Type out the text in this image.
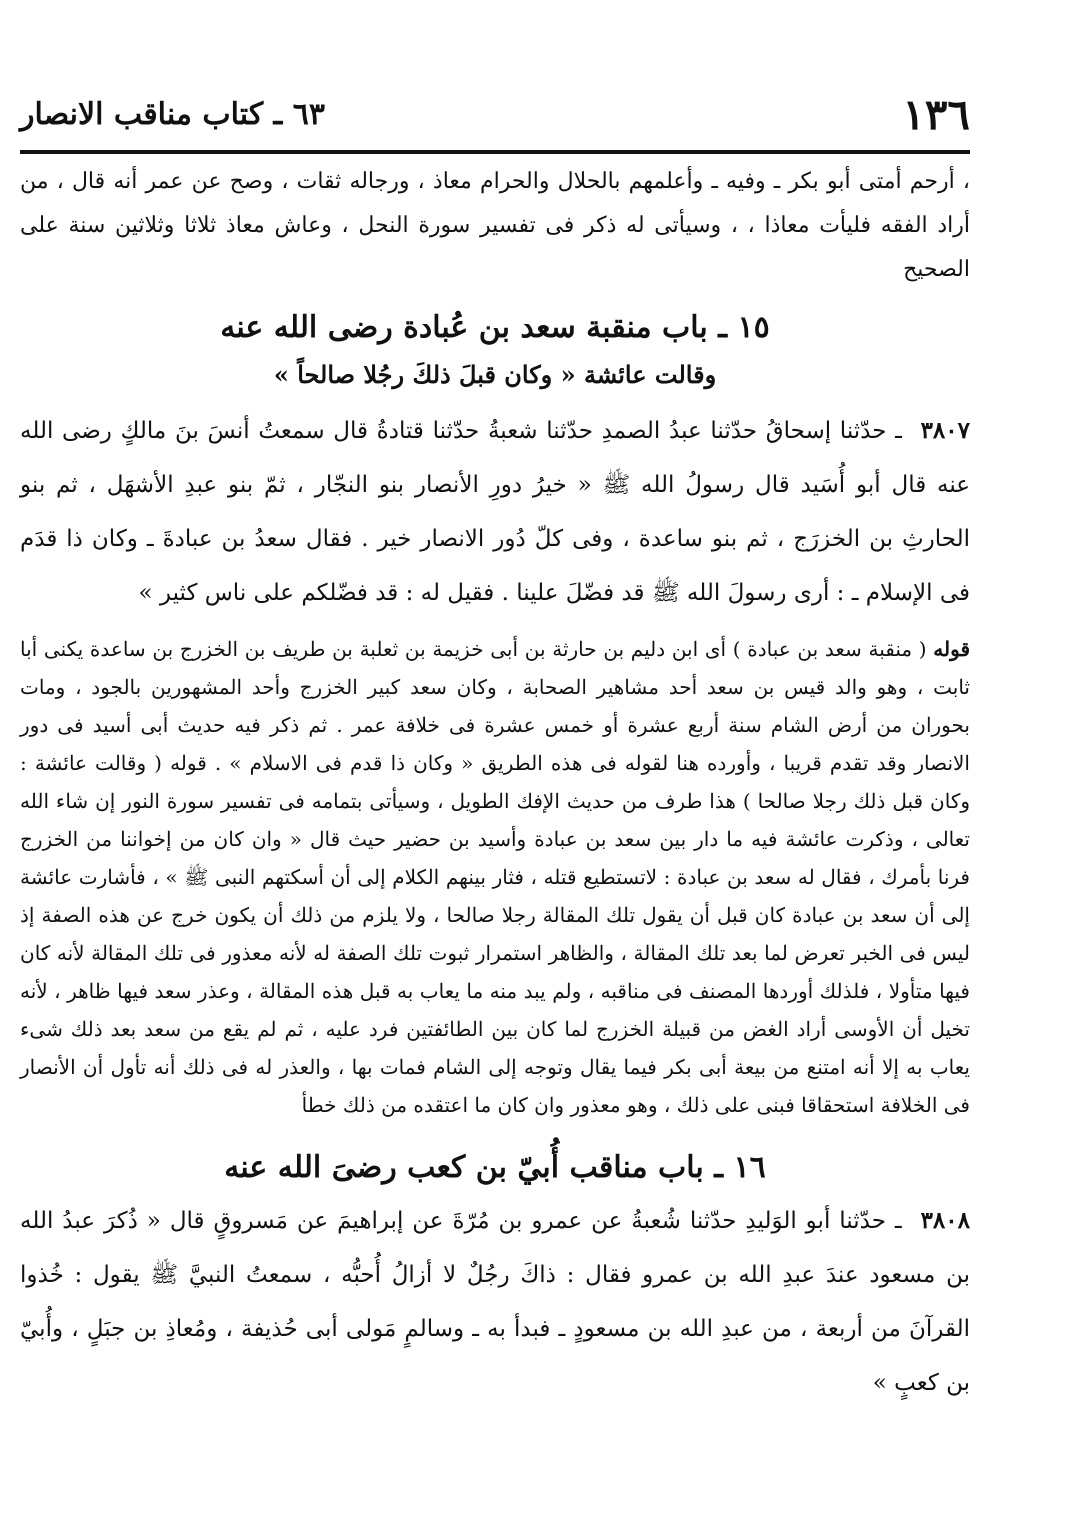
١٣٦
٦٣ ـ كتاب مناقب الانصار

، أرحم أمتى أبو بكر ـ وفيه ـ وأعلمهم بالحلال والحرام معاذ ، ورجاله ثقات ، وصح عن عمر أنه قال ، من أراد الفقه فليأت معاذا ، ، وسيأتى له ذكر فى تفسير سورة النحل ، وعاش معاذ ثلاثا وثلاثين سنة على الصحيح

١٥ ـ باب منقبة سعد بن عُبادة رضى الله عنه
وقالت عائشة « وكان قبلَ ذلكَ رجُلا صالحاً »

٣٨٠٧ ـ حدّثنا إسحاقُ حدّثنا عبدُ الصمدِ حدّثنا شعبةُ حدّثنا قتادةُ قال سمعتُ أنسَ بنَ مالكٍ رضى الله عنه قال أبو أُسَيد قال رسولُ الله ﷺ « خيرُ دورِ الأنصار بنو النجّار ، ثمّ بنو عبدِ الأشهَل ، ثم بنو الحارثِ بن الخزرَج ، ثم بنو ساعدة ، وفى كلّ دُور الانصار خير . فقال سعدُ بن عبادةَ ـ وكان ذا قدَم فى الإسلام ـ : أرى رسولَ الله ﷺ قد فضّلَ علينا . فقيل له : قد فضّلكم على ناس كثير »

قوله ( منقبة سعد بن عبادة ) أى ابن دليم بن حارثة بن أبى خزيمة بن ثعلبة بن طريف بن الخزرج بن ساعدة يكنى أبا ثابت ، وهو والد قيس بن سعد أحد مشاهير الصحابة ، وكان سعد كبير الخزرج وأحد المشهورين بالجود ، ومات بحوران من أرض الشام سنة أربع عشرة أو خمس عشرة فى خلافة عمر . ثم ذكر فيه حديث أبى أسيد فى دور الانصار وقد تقدم قريبا ، وأورده هنا لقوله فى هذه الطريق « وكان ذا قدم فى الاسلام » . قوله ( وقالت عائشة : وكان قبل ذلك رجلا صالحا ) هذا طرف من حديث الإفك الطويل ، وسيأتى بتمامه فى تفسير سورة النور إن شاء الله تعالى ، وذكرت عائشة فيه ما دار بين سعد بن عبادة وأسيد بن حضير حيث قال « وان كان من إخواننا من الخزرج فرنا بأمرك ، فقال له سعد بن عبادة : لاتستطيع قتله ، فثار بينهم الكلام إلى أن أسكتهم النبى ﷺ » ، فأشارت عائشة إلى أن سعد بن عبادة كان قبل أن يقول تلك المقالة رجلا صالحا ، ولا يلزم من ذلك أن يكون خرج عن هذه الصفة إذ ليس فى الخبر تعرض لما بعد تلك المقالة ، والظاهر استمرار ثبوت تلك الصفة له لأنه معذور فى تلك المقالة لأنه كان فيها متأولا ، فلذلك أوردها المصنف فى مناقبه ، ولم يبد منه ما يعاب به قبل هذه المقالة ، وعذر سعد فيها ظاهر ، لأنه تخيل أن الأوسى أراد الغض من قبيلة الخزرج لما كان بين الطائفتين فرد عليه ، ثم لم يقع من سعد بعد ذلك شىء يعاب به إلا أنه امتنع من بيعة أبى بكر فيما يقال وتوجه إلى الشام فمات بها ، والعذر له فى ذلك أنه تأول أن الأنصار فى الخلافة استحقاقا فبنى على ذلك ، وهو معذور وان كان ما اعتقده من ذلك خطأ

١٦ ـ باب مناقب أُبيّ بن كعب رضىَ الله عنه

٣٨٠٨ ـ حدّثنا أبو الوَليدِ حدّثنا شُعبةُ عن عمرو بن مُرّةَ عن إبراهيمَ عن مَسروقٍ قال « ذُكرَ عبدُ الله بن مسعود عندَ عبدِ الله بن عمرو فقال : ذاكَ رجُلٌ لا أزالُ أُحبُّه ، سمعتُ النبيَّ ﷺ يقول : خُذوا القرآنَ من أربعة ، من عبدِ الله بن مسعودٍ ـ فبدأ به ـ وسالمٍ مَولى أبى حُذيفة ، ومُعاذِ بن جبَلٍ ، وأُبيّ بن كعبٍ »
